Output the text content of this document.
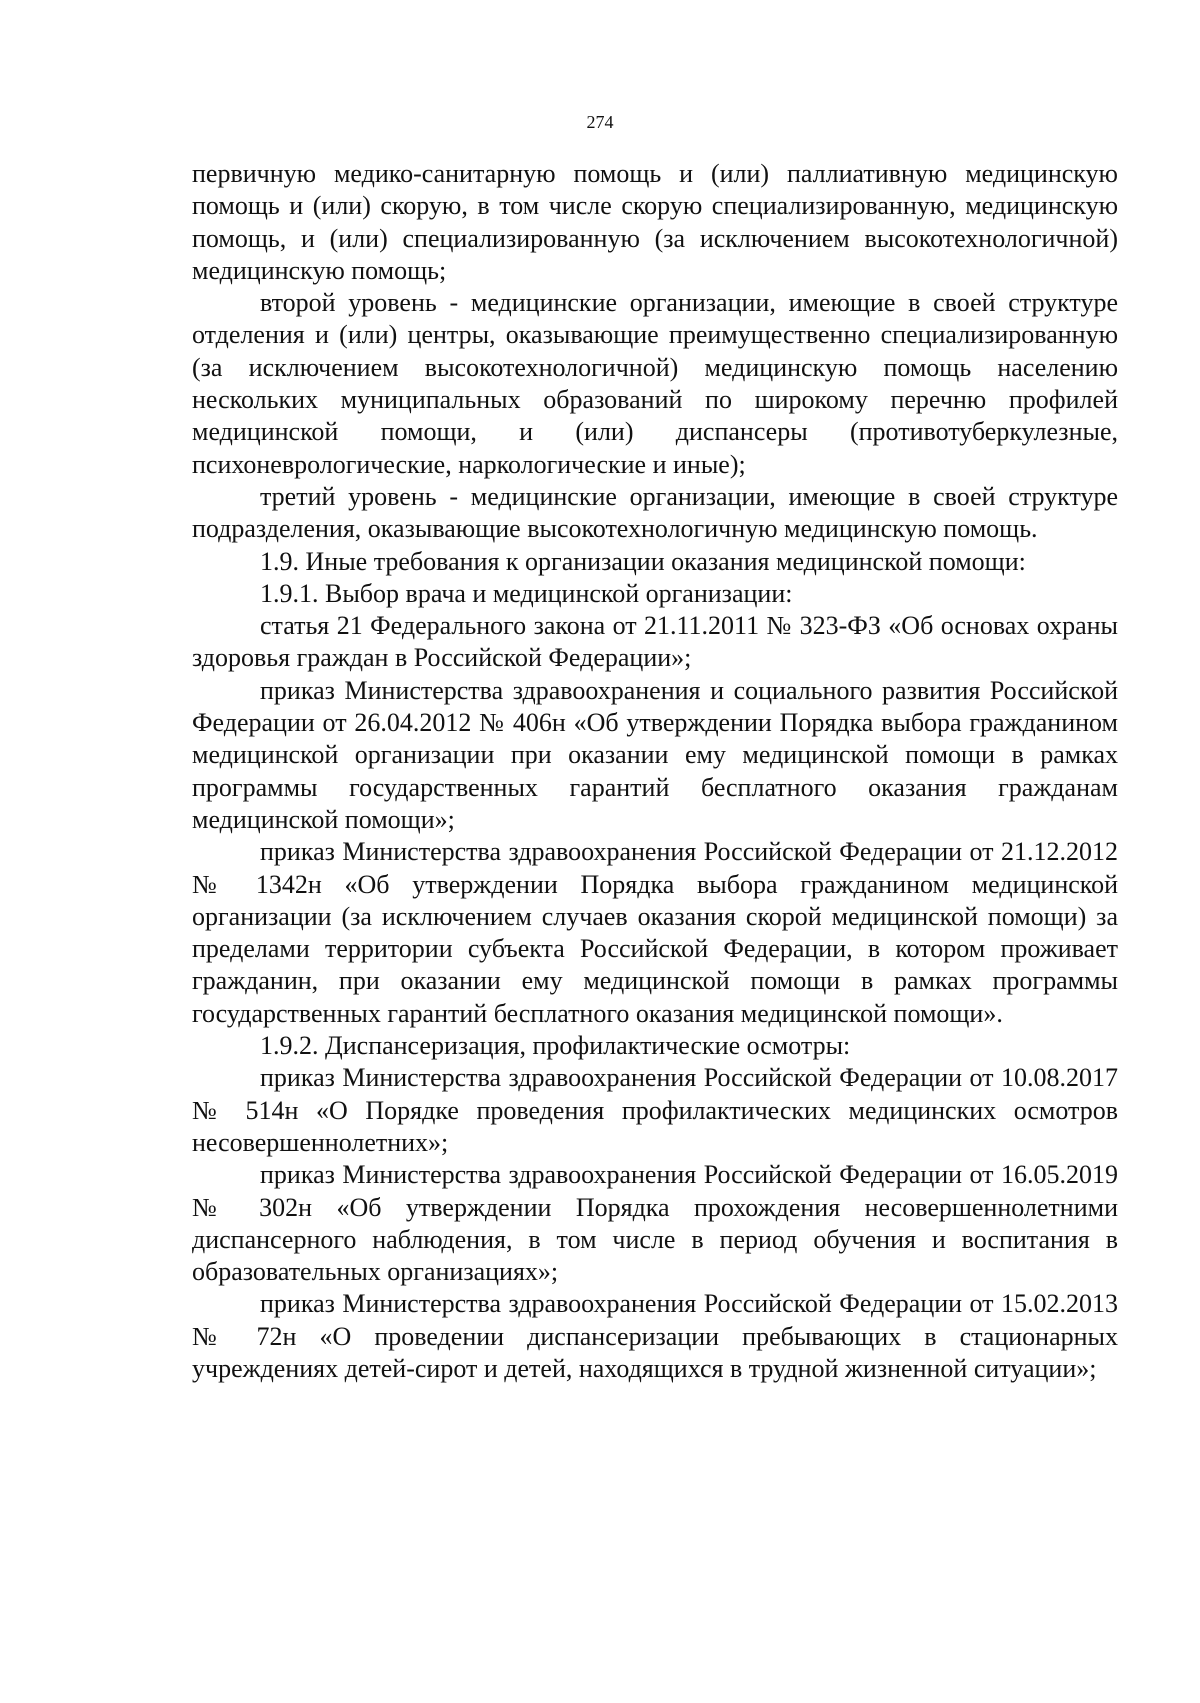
274

первичную медико-санитарную помощь и (или) паллиативную медицинскую помощь и (или) скорую, в том числе скорую специализированную, медицинскую помощь, и (или) специализированную (за исключением высокотехнологичной) медицинскую помощь;

второй уровень - медицинские организации, имеющие в своей структуре отделения и (или) центры, оказывающие преимущественно специализированную (за исключением высокотехнологичной) медицинскую помощь населению нескольких муниципальных образований по широкому перечню профилей медицинской помощи, и (или) диспансеры (противотуберкулезные, психоневрологические, наркологические и иные);

третий уровень - медицинские организации, имеющие в своей структуре подразделения, оказывающие высокотехнологичную медицинскую помощь.

1.9. Иные требования к организации оказания медицинской помощи:

1.9.1. Выбор врача и медицинской организации:

статья 21 Федерального закона от 21.11.2011 № 323-ФЗ «Об основах охраны здоровья граждан в Российской Федерации»;

приказ Министерства здравоохранения и социального развития Российской Федерации от 26.04.2012 № 406н «Об утверждении Порядка выбора гражданином медицинской организации при оказании ему медицинской помощи в рамках программы государственных гарантий бесплатного оказания гражданам медицинской помощи»;

приказ Министерства здравоохранения Российской Федерации от 21.12.2012 № 1342н «Об утверждении Порядка выбора гражданином медицинской организации (за исключением случаев оказания скорой медицинской помощи) за пределами территории субъекта Российской Федерации, в котором проживает гражданин, при оказании ему медицинской помощи в рамках программы государственных гарантий бесплатного оказания медицинской помощи».

1.9.2. Диспансеризация, профилактические осмотры:

приказ Министерства здравоохранения Российской Федерации от 10.08.2017 № 514н «О Порядке проведения профилактических медицинских осмотров несовершеннолетних»;

приказ Министерства здравоохранения Российской Федерации от 16.05.2019 № 302н «Об утверждении Порядка прохождения несовершеннолетними диспансерного наблюдения, в том числе в период обучения и воспитания в образовательных организациях»;

приказ Министерства здравоохранения Российской Федерации от 15.02.2013 № 72н «О проведении диспансеризации пребывающих в стационарных учреждениях детей-сирот и детей, находящихся в трудной жизненной ситуации»;
